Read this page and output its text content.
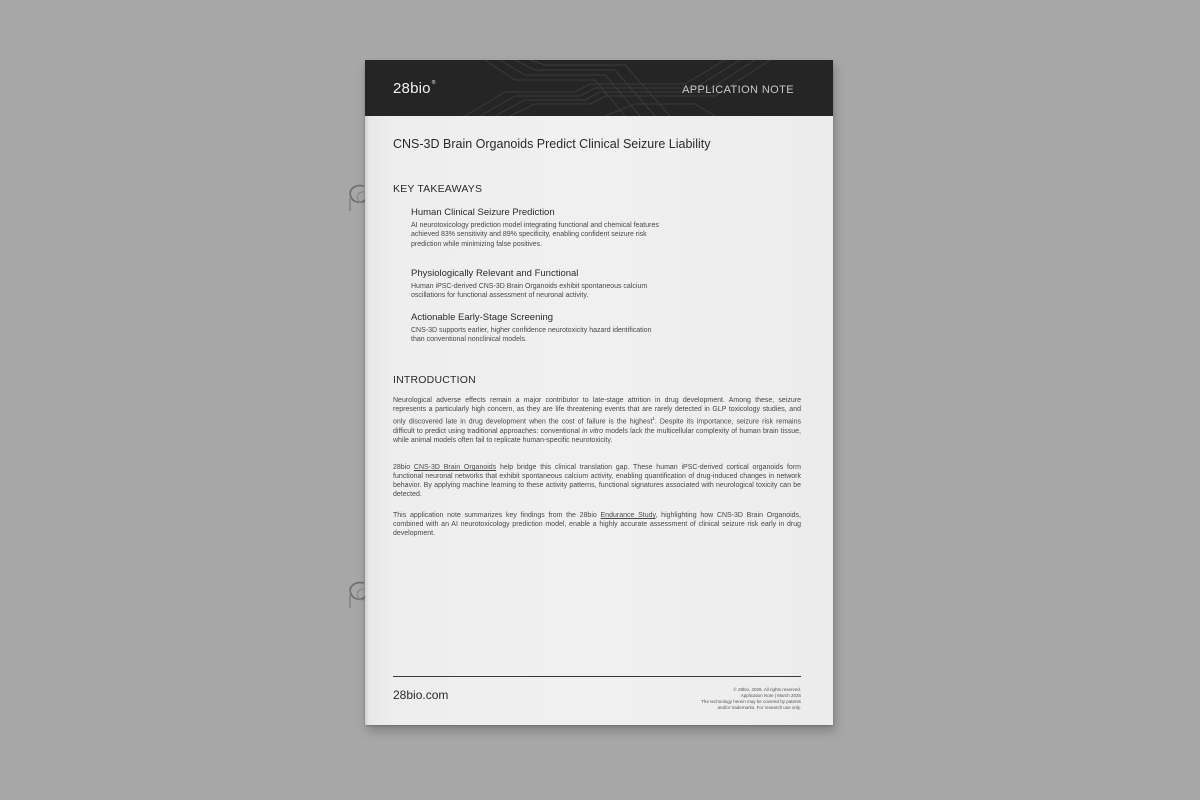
28bio®
APPLICATION NOTE
CNS-3D Brain Organoids Predict Clinical Seizure Liability
KEY TAKEAWAYS
Human Clinical Seizure Prediction
AI neurotoxicology prediction model integrating functional and chemical features achieved 83% sensitivity and 89% specificity, enabling confident seizure risk prediction while minimizing false positives.
Physiologically Relevant and Functional
Human iPSC-derived CNS-3D Brain Organoids exhibit spontaneous calcium oscillations for functional assessment of neuronal activity.
Actionable Early-Stage Screening
CNS-3D supports earlier, higher confidence neurotoxicity hazard identification than conventional nonclinical models.
INTRODUCTION
Neurological adverse effects remain a major contributor to late-stage attrition in drug development. Among these, seizure represents a particularly high concern, as they are life threatening events that are rarely detected in GLP toxicology studies, and only discovered late in drug development when the cost of failure is the highest$^1$. Despite its importance, seizure risk remains difficult to predict using traditional approaches: conventional in vitro models lack the multicellular complexity of human brain tissue, while animal models often fail to replicate human-specific neurotoxicity.
28bio CNS-3D Brain Organoids help bridge this clinical translation gap. These human iPSC-derived cortical organoids form functional neuronal networks that exhibit spontaneous calcium activity, enabling quantification of drug-induced changes in network behavior. By applying machine learning to these activity patterns, functional signatures associated with neurological toxicity can be detected.
This application note summarizes key findings from the 28bio Endurance Study, highlighting how CNS-3D Brain Organoids, combined with an AI neurotoxicology prediction model, enable a highly accurate assessment of clinical seizure risk early in drug development.
28bio.com	© 28bio, 2026. All rights reserved.
Application Note | March 2026
The technology herein may be covered by patents
and/or trademarks. For research use only.
